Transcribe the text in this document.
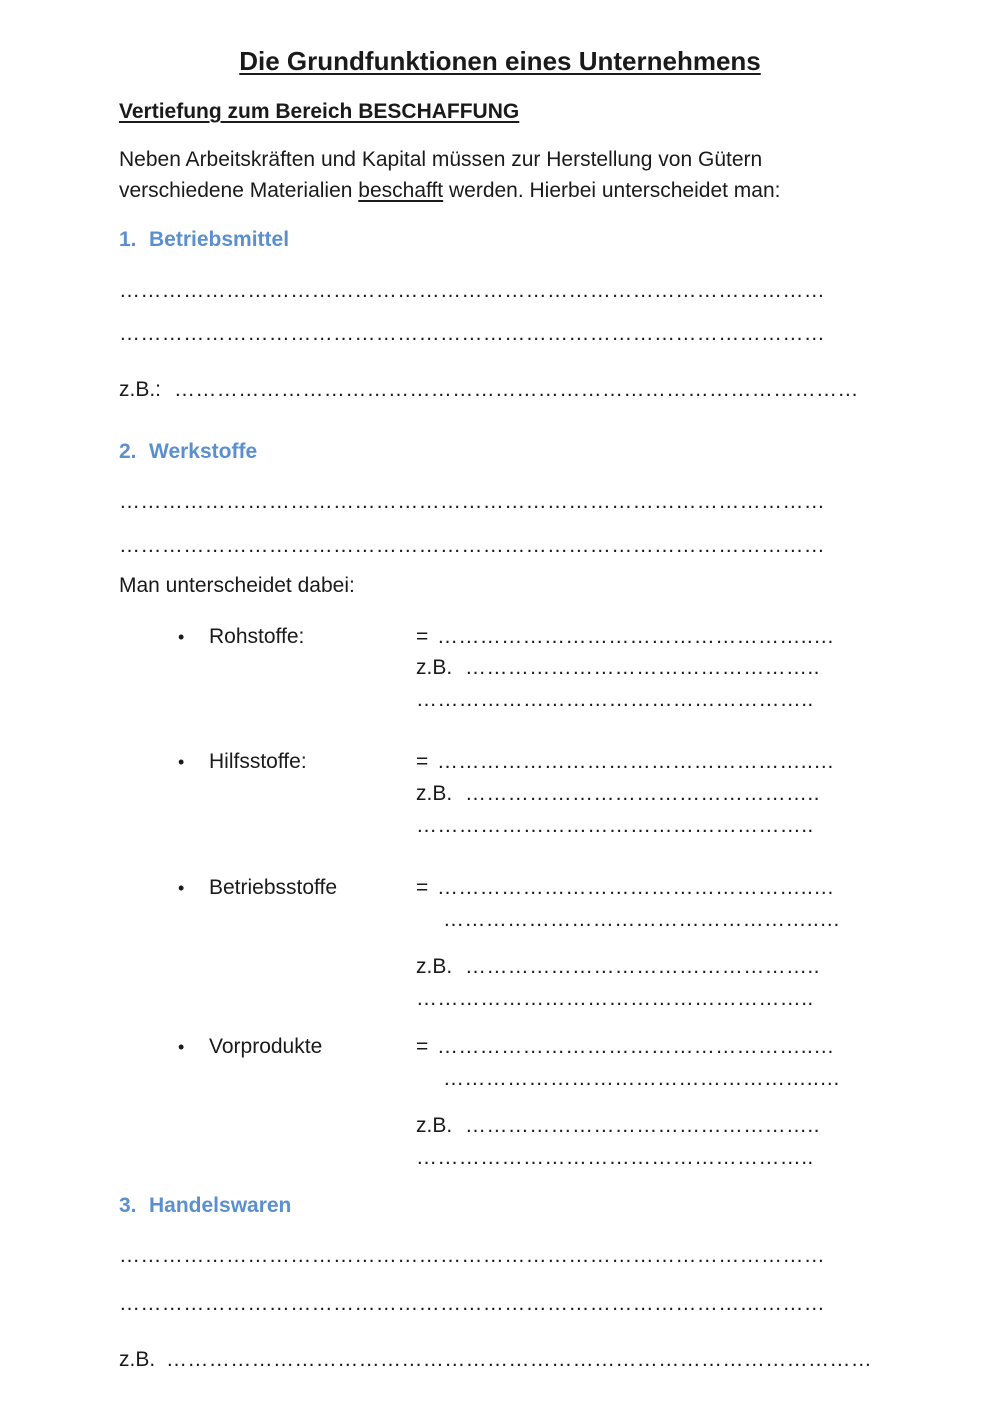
Die Grundfunktionen eines Unternehmens
Vertiefung zum Bereich BESCHAFFUNG
Neben Arbeitskräften und Kapital müssen zur Herstellung von Gütern
verschiedene Materialien beschafft werden. Hierbei unterscheidet man:
1. Betriebsmittel
………………………………………………………………………………………
………………………………………………………………………………………
z.B.: ……………………………………………………………………………………
2. Werkstoffe
………………………………………………………………………………………
………………………………………………………………………………………
Man unterscheidet dabei:
• Rohstoffe:	= ……………………………………………..…
z.B. …………………………………………..
………………………………………………..
• Hilfsstoffe:	= ……………………………………………..…
z.B. …………………………………………..
………………………………………………..
• Betriebsstoffe	= ……………………………………………..…
……………………………………………..…
z.B. …………………………………………..
………………………………………………..
• Vorprodukte	= ……………………………………………..…
……………………………………………..…
z.B. …………………………………………..
………………………………………………..
3. Handelswaren
………………………………………………………………………………………
………………………………………………………………………………………
z.B. ………………………………………………………………………………………
